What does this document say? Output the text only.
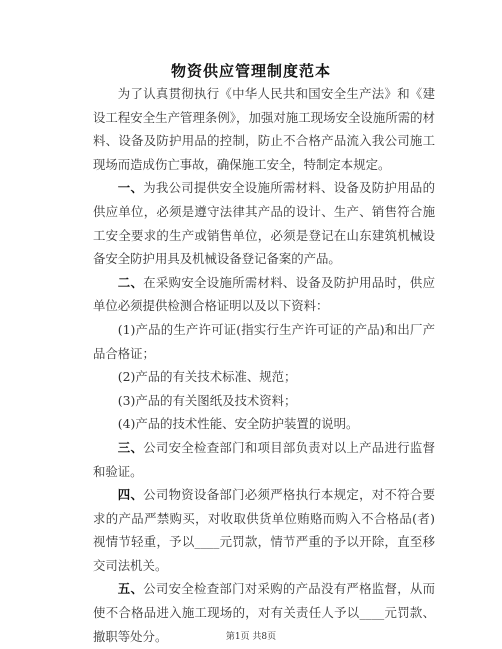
物资供应管理制度范本

为了认真贯彻执行《中华人民共和国安全生产法》和《建设工程安全生产管理条例》，加强对施工现场安全设施所需的材料、设备及防护用品的控制，防止不合格产品流入我公司施工现场而造成伤亡事故，确保施工安全，特制定本规定。

一、为我公司提供安全设施所需材料、设备及防护用品的供应单位，必须是遵守法律其产品的设计、生产、销售符合施工安全要求的生产或销售单位，必须是登记在山东建筑机械设备安全防护用具及机械设备登记备案的产品。

二、在采购安全设施所需材料、设备及防护用品时，供应单位必须提供检测合格证明以及以下资料：

(1)产品的生产许可证(指实行生产许可证的产品)和出厂产品合格证；

(2)产品的有关技术标准、规范；

(3)产品的有关图纸及技术资料；

(4)产品的技术性能、安全防护装置的说明。

三、公司安全检查部门和项目部负责对以上产品进行监督和验证。

四、公司物资设备部门必须严格执行本规定，对不符合要求的产品严禁购买，对收取供货单位贿赂而购入不合格品(者)视情节轻重，予以____元罚款，情节严重的予以开除，直至移交司法机关。

五、公司安全检查部门对采购的产品没有严格监督，从而使不合格品进入施工现场的，对有关责任人予以____元罚款、撤职等处分。	第1页 共8页
